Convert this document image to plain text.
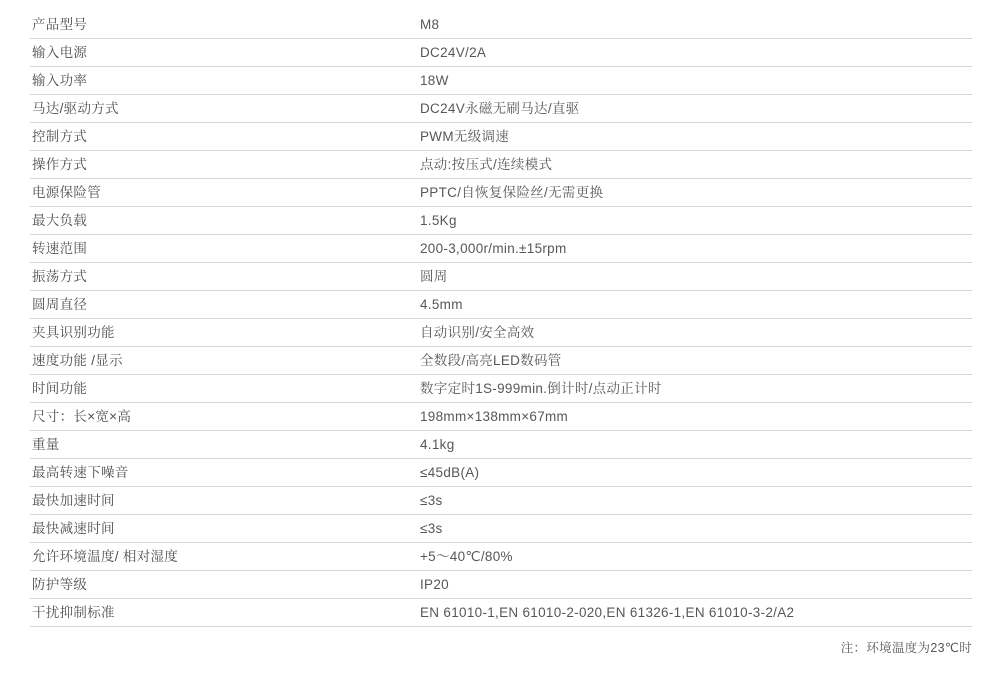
产品型号	M8
输入电源	DC24V/2A
输入功率	18W
马达/驱动方式	DC24V永磁无刷马达/直驱
控制方式	PWM无级调速
操作方式	点动:按压式/连续模式
电源保险管	PPTC/自恢复保险丝/无需更换
最大负载	1.5Kg
转速范围	200-3,000r/min.±15rpm
振荡方式	圆周
圆周直径	4.5mm
夹具识别功能	自动识别/安全高效
速度功能 /显示	全数段/高亮LED数码管
时间功能	数字定时1S-999min.倒计时/点动正计时
尺寸：长×宽×高	198mm×138mm×67mm
重量	4.1kg
最高转速下噪音	≤45dB(A)
最快加速时间	≤3s
最快减速时间	≤3s
允许环境温度/ 相对湿度	+5～40℃/80%
防护等级	IP20
干扰抑制标准	EN 61010-1,EN 61010-2-020,EN 61326-1,EN 61010-3-2/A2
注：环境温度为23℃时
